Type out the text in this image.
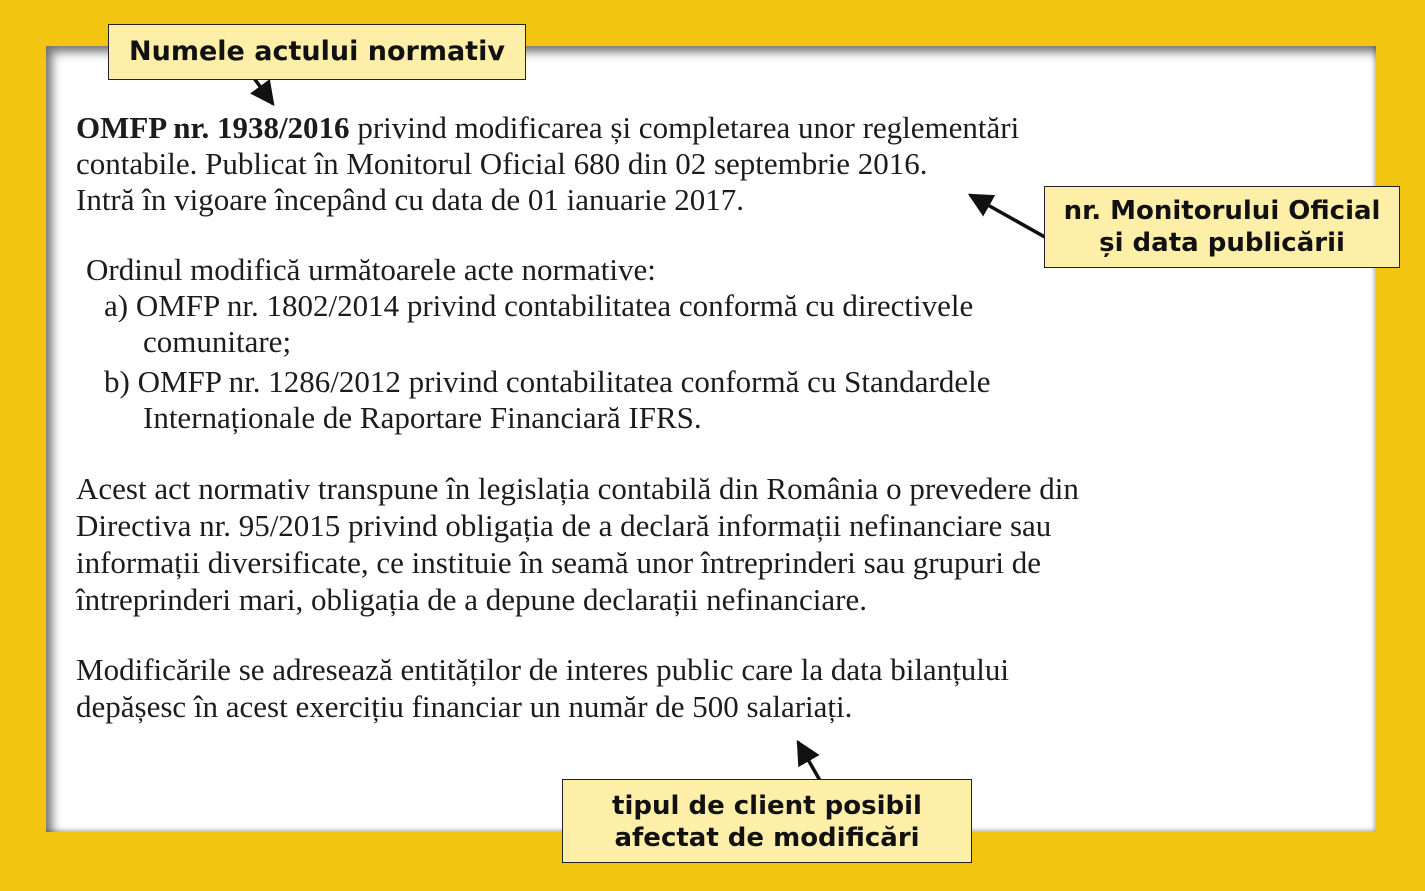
OMFP nr. 1938/2016 privind modificarea și completarea unor reglementări
contabile. Publicat în Monitorul Oficial 680 din 02 septembrie 2016.
Intră în vigoare începând cu data de 01 ianuarie 2017.
Ordinul modifică următoarele acte normative:
a) OMFP nr. 1802/2014 privind contabilitatea conformă cu directivele
comunitare;
b) OMFP nr. 1286/2012 privind contabilitatea conformă cu Standardele
Internaționale de Raportare Financiară IFRS.
Acest act normativ transpune în legislația contabilă din România o prevedere din
Directiva nr. 95/2015 privind obligația de a declară informații nefinanciare sau
informații diversificate, ce instituie în seamă unor întreprinderi sau grupuri de
întreprinderi mari, obligația de a depune declarații nefinanciare.
Modificările se adresează entităților de interes public care la data bilanțului
depășesc în acest exercițiu financiar un număr de 500 salariați.
Numele actului normativ
nr. Monitorului Oficial
și data publicării
tipul de client posibil
afectat de modificări
